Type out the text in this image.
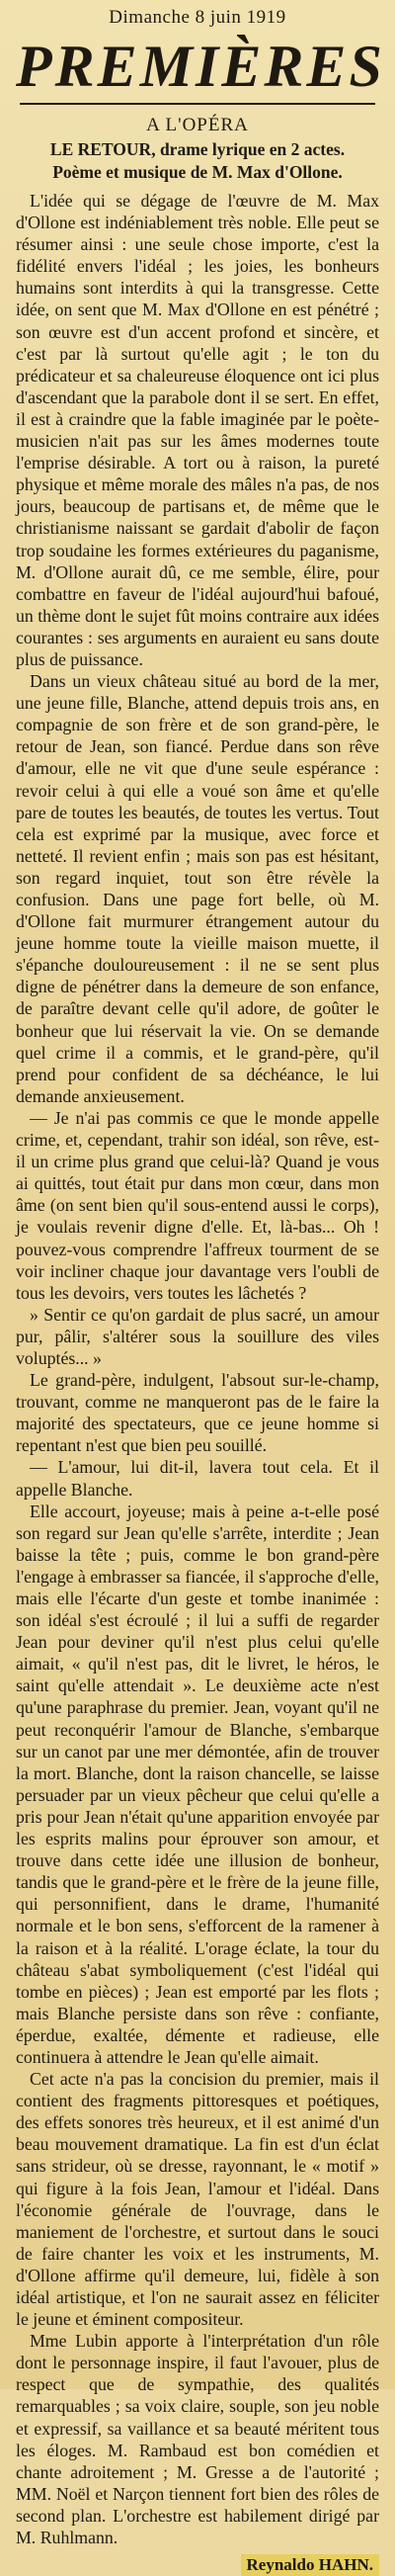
Dimanche 8 juin 1919
PREMIÈRES
A L'OPÉRA
LE RETOUR, drame lyrique en 2 actes.
Poème et musique de M. Max d'Ollone.

L'idée qui se dégage de l'œuvre de M. Max d'Ollone est indéniablement très noble. Elle peut se résumer ainsi : une seule chose importe, c'est la fidélité envers l'idéal ; les joies, les bonheurs humains sont interdits à qui la transgresse. Cette idée, on sent que M. Max d'Ollone en est pénétré ; son œuvre est d'un accent profond et sincère, et c'est par là surtout qu'elle agit ; le ton du prédicateur et sa chaleureuse éloquence ont ici plus d'ascendant que la parabole dont il se sert. En effet, il est à craindre que la fable imaginée par le poète-musicien n'ait pas sur les âmes modernes toute l'emprise désirable. A tort ou à raison, la pureté physique et même morale des mâles n'a pas, de nos jours, beaucoup de partisans et, de même que le christianisme naissant se gardait d'abolir de façon trop soudaine les formes extérieures du paganisme, M. d'Ollone aurait dû, ce me semble, élire, pour combattre en faveur de l'idéal aujourd'hui bafoué, un thème dont le sujet fût moins contraire aux idées courantes : ses arguments en auraient eu sans doute plus de puissance.

Dans un vieux château situé au bord de la mer, une jeune fille, Blanche, attend depuis trois ans, en compagnie de son frère et de son grand-père, le retour de Jean, son fiancé. Perdue dans son rêve d'amour, elle ne vit que d'une seule espérance : revoir celui à qui elle a voué son âme et qu'elle pare de toutes les beautés, de toutes les vertus. Tout cela est exprimé par la musique, avec force et netteté. Il revient enfin ; mais son pas est hésitant, son regard inquiet, tout son être révèle la confusion. Dans une page fort belle, où M. d'Ollone fait murmurer étrangement autour du jeune homme toute la vieille maison muette, il s'épanche douloureusement : il ne se sent plus digne de pénétrer dans la demeure de son enfance, de paraître devant celle qu'il adore, de goûter le bonheur que lui réservait la vie. On se demande quel crime il a commis, et le grand-père, qu'il prend pour confident de sa déchéance, le lui demande anxieusement.

— Je n'ai pas commis ce que le monde appelle crime, et, cependant, trahir son idéal, son rêve, est-il un crime plus grand que celui-là? Quand je vous ai quittés, tout était pur dans mon cœur, dans mon âme (on sent bien qu'il sous-entend aussi le corps), je voulais revenir digne d'elle. Et, là-bas... Oh ! pouvez-vous comprendre l'affreux tourment de se voir incliner chaque jour davantage vers l'oubli de tous les devoirs, vers toutes les lâchetés ?

» Sentir ce qu'on gardait de plus sacré, un amour pur, pâlir, s'altérer sous la souillure des viles voluptés... »

Le grand-père, indulgent, l'absout sur-le-champ, trouvant, comme ne manqueront pas de le faire la majorité des spectateurs, que ce jeune homme si repentant n'est que bien peu souillé.

— L'amour, lui dit-il, lavera tout cela. Et il appelle Blanche.

Elle accourt, joyeuse; mais à peine a-t-elle posé son regard sur Jean qu'elle s'arrête, interdite ; Jean baisse la tête ; puis, comme le bon grand-père l'engage à embrasser sa fiancée, il s'approche d'elle, mais elle l'écarte d'un geste et tombe inanimée : son idéal s'est écroulé ; il lui a suffi de regarder Jean pour deviner qu'il n'est plus celui qu'elle aimait, « qu'il n'est pas, dit le livret, le héros, le saint qu'elle attendait ». Le deuxième acte n'est qu'une paraphrase du premier. Jean, voyant qu'il ne peut reconquérir l'amour de Blanche, s'embarque sur un canot par une mer démontée, afin de trouver la mort. Blanche, dont la raison chancelle, se laisse persuader par un vieux pêcheur que celui qu'elle a pris pour Jean n'était qu'une apparition envoyée par les esprits malins pour éprouver son amour, et trouve dans cette idée une illusion de bonheur, tandis que le grand-père et le frère de la jeune fille, qui personnifient, dans le drame, l'humanité normale et le bon sens, s'efforcent de la ramener à la raison et à la réalité. L'orage éclate, la tour du château s'abat symboliquement (c'est l'idéal qui tombe en pièces) ; Jean est emporté par les flots ; mais Blanche persiste dans son rêve : confiante, éperdue, exaltée, démente et radieuse, elle continuera à attendre le Jean qu'elle aimait.

Cet acte n'a pas la concision du premier, mais il contient des fragments pittoresques et poétiques, des effets sonores très heureux, et il est animé d'un beau mouvement dramatique. La fin est d'un éclat sans strideur, où se dresse, rayonnant, le « motif » qui figure à la fois Jean, l'amour et l'idéal. Dans l'économie générale de l'ouvrage, dans le maniement de l'orchestre, et surtout dans le souci de faire chanter les voix et les instruments, M. d'Ollone affirme qu'il demeure, lui, fidèle à son idéal artistique, et l'on ne saurait assez en féliciter le jeune et éminent compositeur.

Mme Lubin apporte à l'interprétation d'un rôle dont le personnage inspire, il faut l'avouer, plus de respect que de sympathie, des qualités remarquables ; sa voix claire, souple, son jeu noble et expressif, sa vaillance et sa beauté méritent tous les éloges. M. Rambaud est bon comédien et chante adroitement ; M. Gresse a de l'autorité ; MM. Noël et Narçon tiennent fort bien des rôles de second plan. L'orchestre est habilement dirigé par M. Ruhlmann.

Reynaldo HAHN.
